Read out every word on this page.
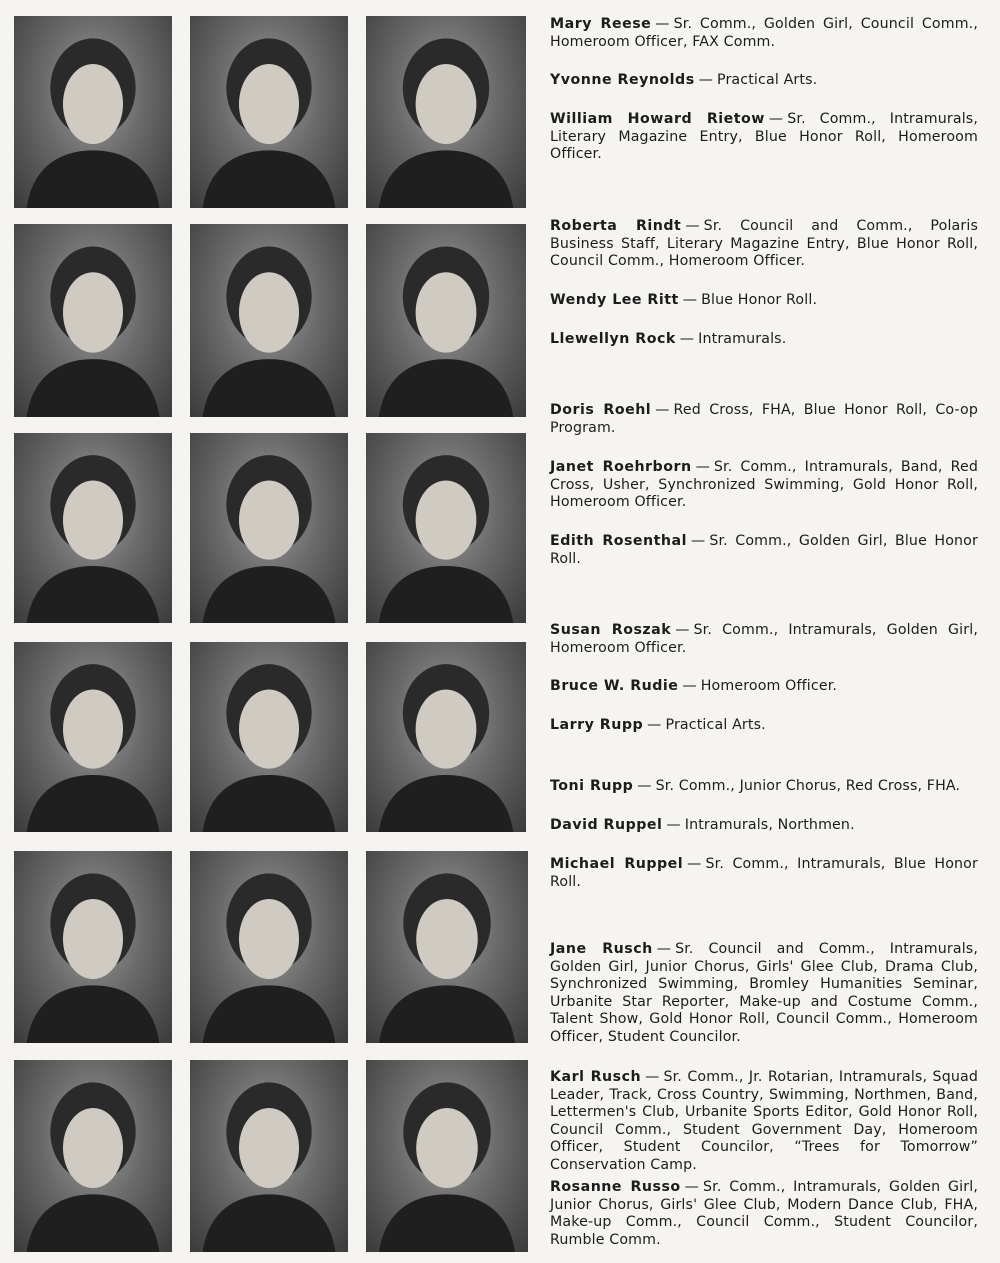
Mary Reese — Sr. Comm., Golden Girl, Council Comm., Homeroom Officer, FAX Comm.
Yvonne Reynolds — Practical Arts.
William Howard Rietow — Sr. Comm., Intramurals, Literary Magazine Entry, Blue Honor Roll, Homeroom Officer.
Roberta Rindt — Sr. Council and Comm., Polaris Business Staff, Literary Magazine Entry, Blue Honor Roll, Council Comm., Homeroom Officer.
Wendy Lee Ritt — Blue Honor Roll.
Llewellyn Rock — Intramurals.
Doris Roehl — Red Cross, FHA, Blue Honor Roll, Co-op Program.
Janet Roehrborn — Sr. Comm., Intramurals, Band, Red Cross, Usher, Synchronized Swimming, Gold Honor Roll, Homeroom Officer.
Edith Rosenthal — Sr. Comm., Golden Girl, Blue Honor Roll.
Susan Roszak — Sr. Comm., Intramurals, Golden Girl, Homeroom Officer.
Bruce W. Rudie — Homeroom Officer.
Larry Rupp — Practical Arts.
Toni Rupp — Sr. Comm., Junior Chorus, Red Cross, FHA.
David Ruppel — Intramurals, Northmen.
Michael Ruppel — Sr. Comm., Intramurals, Blue Honor Roll.
Jane Rusch — Sr. Council and Comm., Intramurals, Golden Girl, Junior Chorus, Girls' Glee Club, Drama Club, Synchronized Swimming, Bromley Humanities Seminar, Urbanite Star Reporter, Make-up and Costume Comm., Talent Show, Gold Honor Roll, Council Comm., Homeroom Officer, Student Councilor.
Karl Rusch — Sr. Comm., Jr. Rotarian, Intramurals, Squad Leader, Track, Cross Country, Swimming, Northmen, Band, Lettermen's Club, Urbanite Sports Editor, Gold Honor Roll, Council Comm., Student Government Day, Homeroom Officer, Student Councilor, “Trees for Tomorrow” Conservation Camp.
Rosanne Russo — Sr. Comm., Intramurals, Golden Girl, Junior Chorus, Girls' Glee Club, Modern Dance Club, FHA, Make-up Comm., Council Comm., Student Councilor, Rumble Comm.
